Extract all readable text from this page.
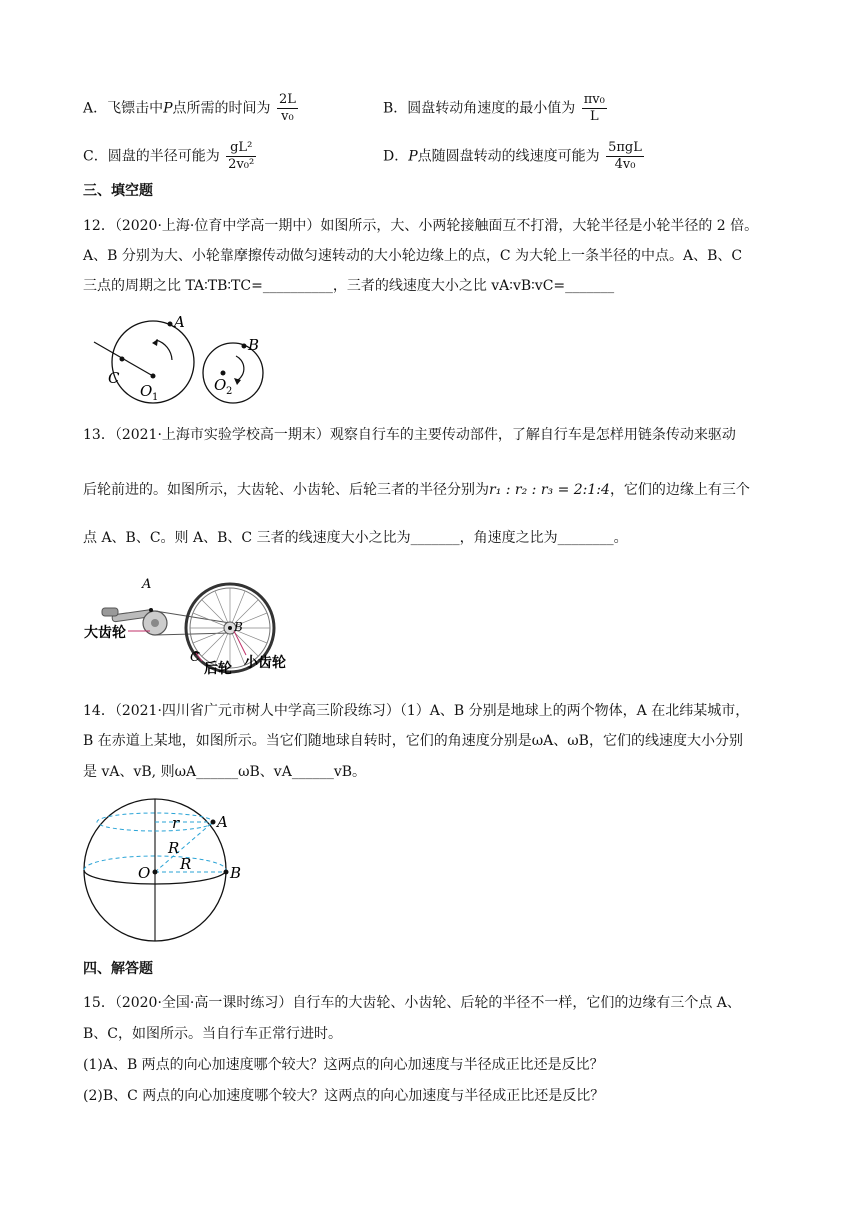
A．飞镖击中P点所需的时间为 $\frac{2L}{\text{v₀}}$	B．圆盘转动角速度的最小值为 $\frac{\text{πv₀}}{L}$
C．圆盘的半径可能为 $\frac{\text{gL²}}{\text{2v₀²}}$	D．P点随圆盘转动的线速度可能为 $\frac{\text{5πgL}}{\text{4v₀}}$
三、填空题
12．（2020·上海·位育中学高一期中）如图所示，大、小两轮接触面互不打滑，大轮半径是小轮半径的 2 倍。
A、B 分别为大、小轮靠摩擦传动做匀速转动的大小轮边缘上的点，C 为大轮上一条半径的中点。A、B、C
三点的周期之比 TA∶TB∶TC=__________，三者的线速度大小之比 vA∶vB∶vC=_______
A
B
C
O 1
O 2
13．（2021·上海市实验学校高一期末）观察自行车的主要传动部件，了解自行车是怎样用链条传动来驱动
后轮前进的。如图所示，大齿轮、小齿轮、后轮三者的半径分别为r₁ : r₂ : r₃ = 2:1:4，它们的边缘上有三个
点 A、B、C。则 A、B、C 三者的线速度大小之比为_______，角速度之比为________。
A
B
C
大齿轮
后轮 小齿轮
14．（2021·四川省广元市树人中学高三阶段练习）（1）A、B 分别是地球上的两个物体，A 在北纬某城市，
B 在赤道上某地，如图所示。当它们随地球自转时，它们的角速度分别是ωA、ωB，它们的线速度大小分别
是 vA、vB, 则ωA______ωB、vA______vB。
r	A
R
R
O	B
四、解答题
15．（2020·全国·高一课时练习）自行车的大齿轮、小齿轮、后轮的半径不一样，它们的边缘有三个点 A、
B、C，如图所示。当自行车正常行进时。
(1)A、B 两点的向心加速度哪个较大？这两点的向心加速度与半径成正比还是反比？
(2)B、C 两点的向心加速度哪个较大？这两点的向心加速度与半径成正比还是反比？
